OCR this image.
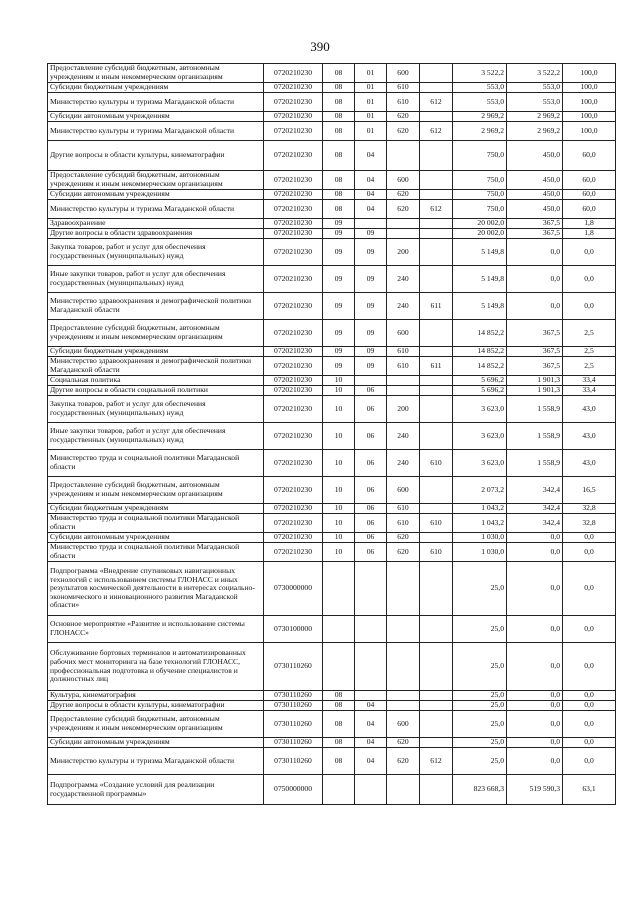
390
Предоставление субсидий бюджетным, автономным учреждениям и иным некоммерческим организациям	0720210230	08	01	600		3 522,2	3 522,2	100,0
Субсидии бюджетным учреждениям	0720210230	08	01	610		553,0	553,0	100,0
Министерство культуры и туризма Магаданской области	0720210230	08	01	610	612	553,0	553,0	100,0
Субсидии автономным учреждениям	0720210230	08	01	620		2 969,2	2 969,2	100,0
Министерство культуры и туризма Магаданской области	0720210230	08	01	620	612	2 969,2	2 969,2	100,0
Другие вопросы в области культуры, кинематографии	0720210230	08	04			750,0	450,0	60,0
Предоставление субсидий бюджетным, автономным учреждениям и иным некоммерческим организациям	0720210230	08	04	600		750,0	450,0	60,0
Субсидии автономным учреждениям	0720210230	08	04	620		750,0	450,0	60,0
Министерство культуры и туризма Магаданской области	0720210230	08	04	620	612	750,0	450,0	60,0
Здравоохранение	0720210230	09				20 002,0	367,5	1,8
Другие вопросы в области здравоохранения	0720210230	09	09			20 002,0	367,5	1,8
Закупка товаров, работ и услуг для обеспечения государственных (муниципальных) нужд	0720210230	09	09	200		5 149,8	0,0	0,0
Иные закупки товаров, работ и услуг для обеспечения государственных (муниципальных) нужд	0720210230	09	09	240		5 149,8	0,0	0,0
Министерство здравоохранения и демографической политики Магаданской области	0720210230	09	09	240	611	5 149,8	0,0	0,0
Предоставление субсидий бюджетным, автономным учреждениям и иным некоммерческим организациям	0720210230	09	09	600		14 852,2	367,5	2,5
Субсидии бюджетным учреждениям	0720210230	09	09	610		14 852,2	367,5	2,5
Министерство здравоохранения и демографической политики Магаданской области	0720210230	09	09	610	611	14 852,2	367,5	2,5
Социальная политика	0720210230	10				5 696,2	1 901,3	33,4
Другие вопросы в области социальной политики	0720210230	10	06			5 696,2	1 901,3	33,4
Закупка товаров, работ и услуг для обеспечения государственных (муниципальных) нужд	0720210230	10	06	200		3 623,0	1 558,9	43,0
Иные закупки товаров, работ и услуг для обеспечения государственных (муниципальных) нужд	0720210230	10	06	240		3 623,0	1 558,9	43,0
Министерство труда и социальной политики Магаданской области	0720210230	10	06	240	610	3 623,0	1 558,9	43,0
Предоставление субсидий бюджетным, автономным учреждениям и иным некоммерческим организациям	0720210230	10	06	600		2 073,2	342,4	16,5
Субсидии бюджетным учреждениям	0720210230	10	06	610		1 043,2	342,4	32,8
Министерство труда и социальной политики Магаданской области	0720210230	10	06	610	610	1 043,2	342,4	32,8
Субсидии автономным учреждениям	0720210230	10	06	620		1 030,0	0,0	0,0
Министерство труда и социальной политики Магаданской области	0720210230	10	06	620	610	1 030,0	0,0	0,0
Подпрограмма «Внедрение спутниковых навигационных технологий с использованием системы ГЛОНАСС и иных результатов космической деятельности в интересах социально-экономического и инновационного развития Магаданской области»	0730000000					25,0	0,0	0,0
Основное мероприятие «Развитие и использование системы ГЛОНАСС»	0730100000					25,0	0,0	0,0
Обслуживание бортовых терминалов и автоматизированных рабочих мест мониторинга на базе технологий ГЛОНАСС, профессиональная подготовка и обучение специалистов и должностных лиц	0730110260					25,0	0,0	0,0
Культура, кинематография	0730110260	08				25,0	0,0	0,0
Другие вопросы в области культуры, кинематографии	0730110260	08	04			25,0	0,0	0,0
Предоставление субсидий бюджетным, автономным учреждениям и иным некоммерческим организациям	0730110260	08	04	600		25,0	0,0	0,0
Субсидии автономным учреждениям	0730110260	08	04	620		25,0	0,0	0,0
Министерство культуры и туризма Магаданской области	0730110260	08	04	620	612	25,0	0,0	0,0
Подпрограмма «Создание условий для реализации государственной программы»	0750000000					823 668,3	519 590,3	63,1
